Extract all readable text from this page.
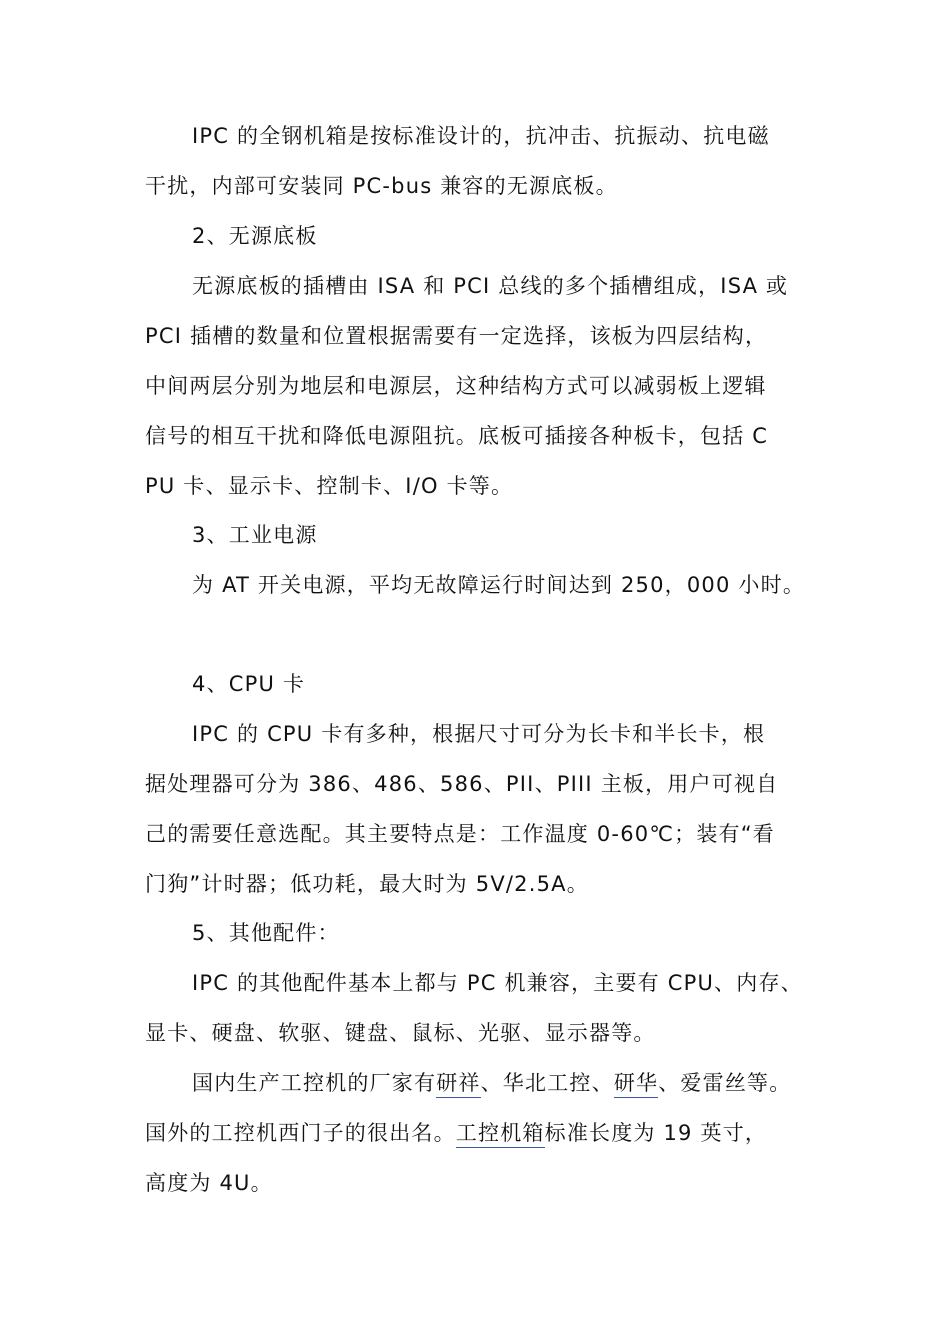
IPC 的全钢机箱是按标准设计的，抗冲击、抗振动、抗电磁
干扰，内部可安装同 PC-bus 兼容的无源底板。
2、无源底板
无源底板的插槽由 ISA 和 PCI 总线的多个插槽组成，ISA 或
PCI 插槽的数量和位置根据需要有一定选择，该板为四层结构，
中间两层分别为地层和电源层，这种结构方式可以减弱板上逻辑
信号的相互干扰和降低电源阻抗。底板可插接各种板卡，包括 C
PU 卡、显示卡、控制卡、I/O 卡等。
3、工业电源
为 AT 开关电源，平均无故障运行时间达到 250，000 小时。
4、CPU 卡
IPC 的 CPU 卡有多种，根据尺寸可分为长卡和半长卡，根
据处理器可分为 386、486、586、PII、PIII 主板，用户可视自
己的需要任意选配。其主要特点是：工作温度 0-60℃；装有“看
门狗”计时器；低功耗，最大时为 5V/2.5A。
5、其他配件：
IPC 的其他配件基本上都与 PC 机兼容，主要有 CPU、内存、
显卡、硬盘、软驱、键盘、鼠标、光驱、显示器等。
国内生产工控机的厂家有研祥、华北工控、研华、爱雷丝等。
国外的工控机西门子的很出名。工控机箱标准长度为 19 英寸，
高度为 4U。
